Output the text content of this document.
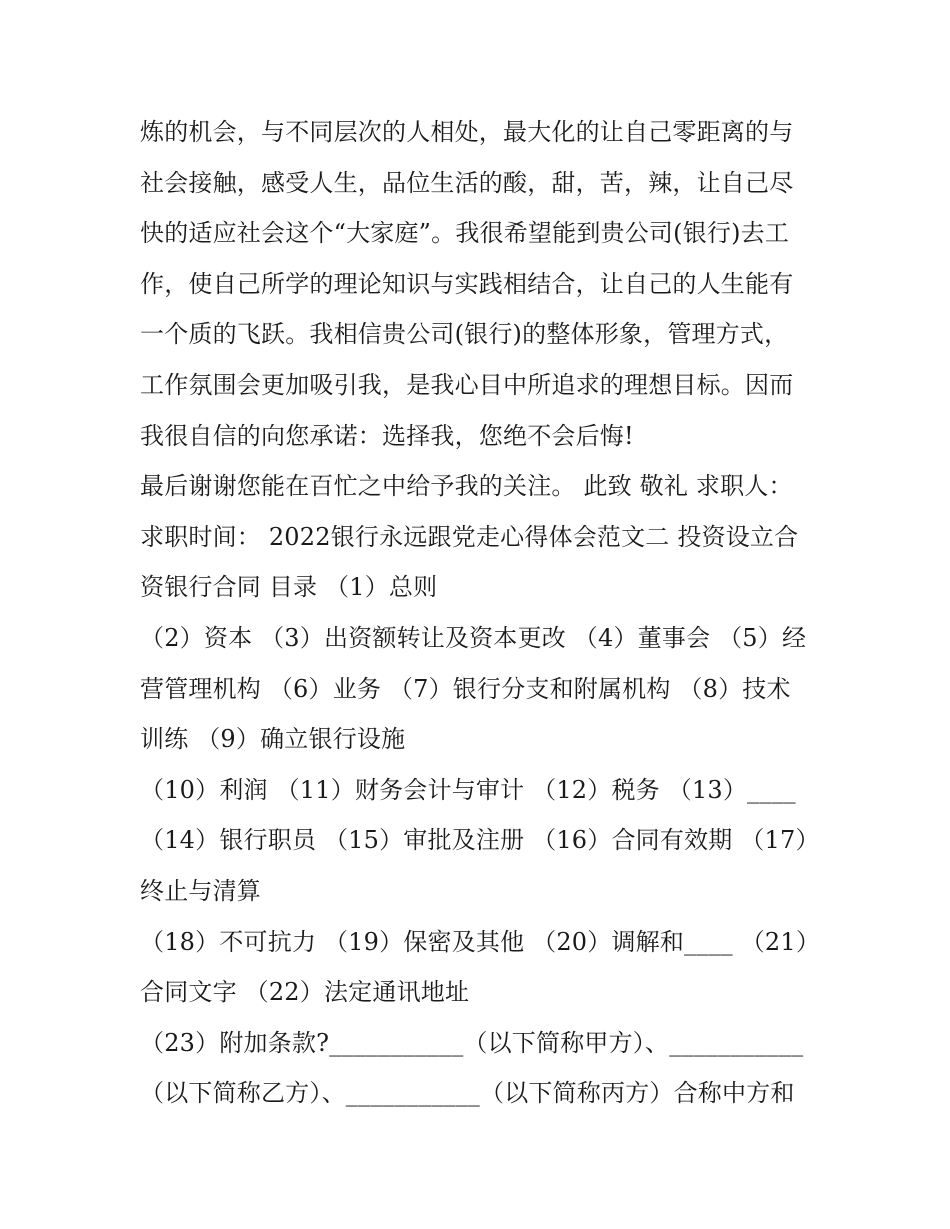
炼的机会，与不同层次的人相处，最大化的让自己零距离的与
社会接触，感受人生，品位生活的酸，甜，苦，辣，让自己尽
快的适应社会这个“大家庭”。我很希望能到贵公司(银行)去工
作，使自己所学的理论知识与实践相结合，让自己的人生能有
一个质的飞跃。我相信贵公司(银行)的整体形象，管理方式，
工作氛围会更加吸引我，是我心目中所追求的理想目标。因而
我很自信的向您承诺：选择我，您绝不会后悔!
最后谢谢您能在百忙之中给予我的关注。 此致 敬礼 求职人：
求职时间： 2022银行永远跟党走心得体会范文二 投资设立合
资银行合同 目录 （1）总则
（2）资本 （3）出资额转让及资本更改 （4）董事会 （5）经
营管理机构 （6）业务 （7）银行分支和附属机构 （8）技术
训练 （9）确立银行设施
（10）利润 （11）财务会计与审计 （12）税务 （13）____
（14）银行职员 （15）审批及注册 （16）合同有效期 （17）
终止与清算
（18）不可抗力 （19）保密及其他 （20）调解和____ （21）
合同文字 （22）法定通讯地址
（23）附加条款?___________（以下简称甲方）、___________
（以下简称乙方）、___________（以下简称丙方）合称中方和
